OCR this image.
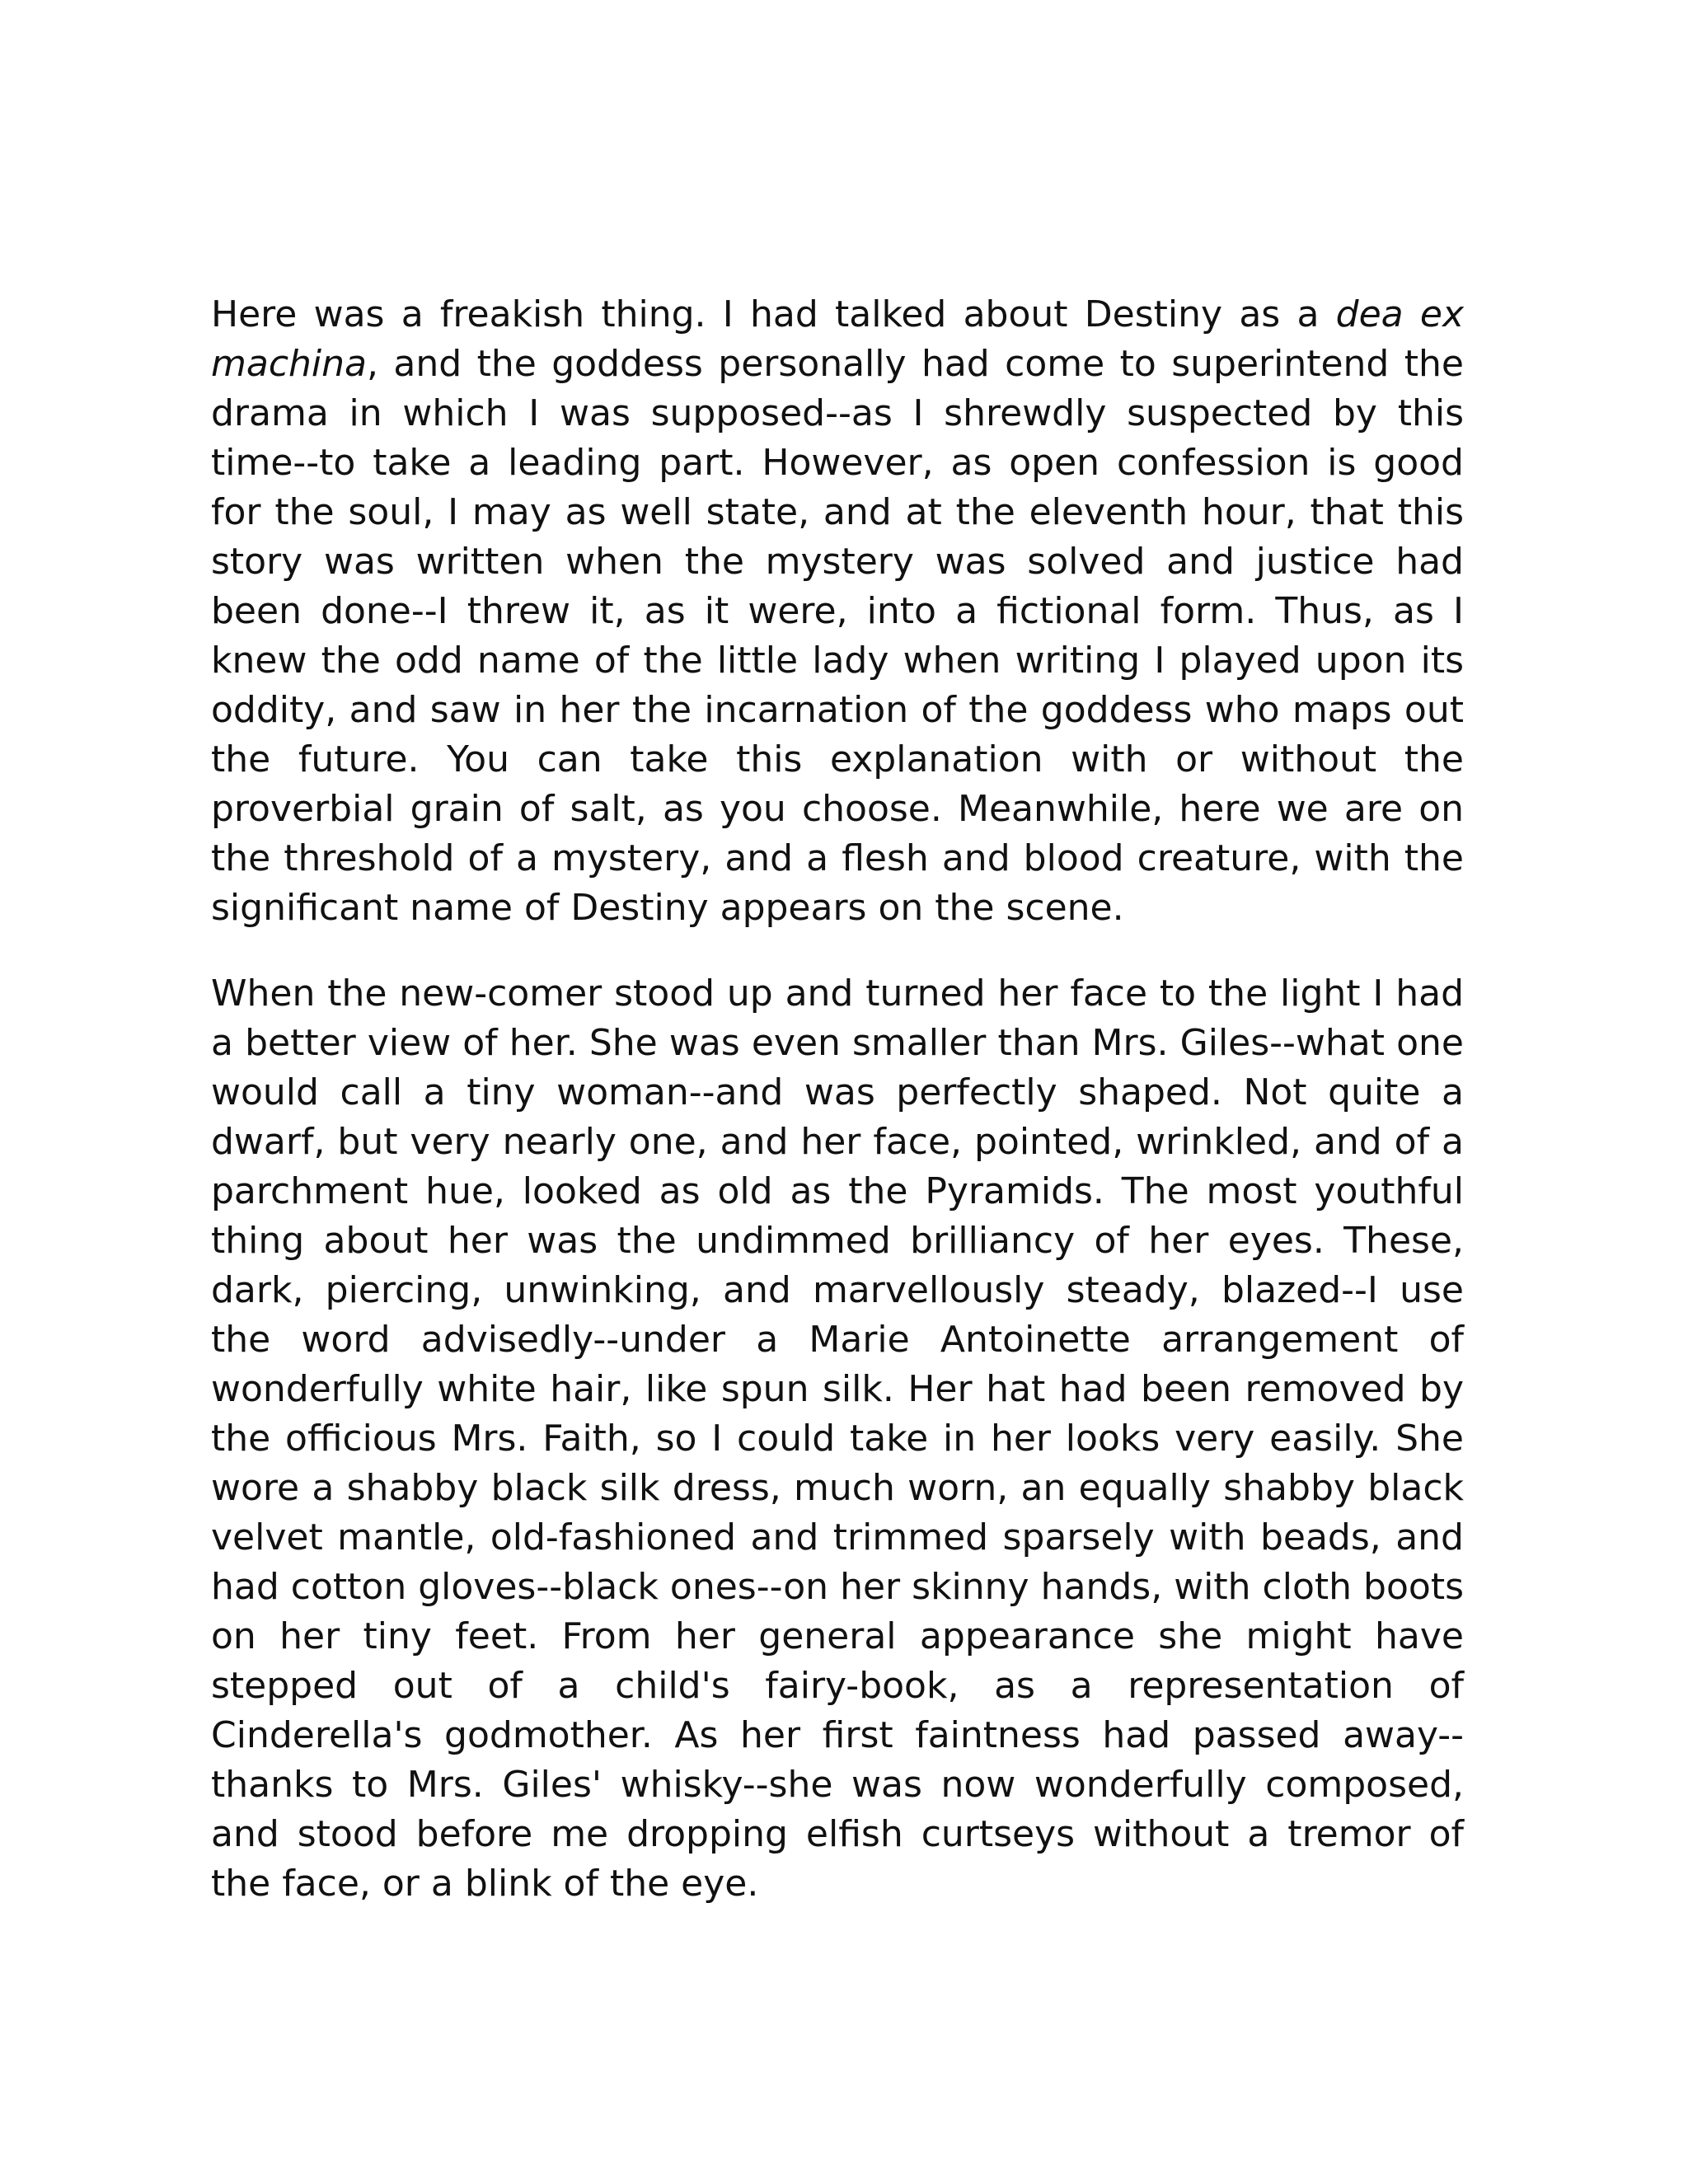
Here was a freakish thing. I had talked about Destiny as a dea ex machina, and the goddess personally had come to superintend the drama in which I was supposed--as I shrewdly suspected by this time--to take a leading part. However, as open confession is good for the soul, I may as well state, and at the eleventh hour, that this story was written when the mystery was solved and justice had been done--I threw it, as it were, into a fictional form. Thus, as I knew the odd name of the little lady when writing I played upon its oddity, and saw in her the incarnation of the goddess who maps out the future. You can take this explanation with or without the proverbial grain of salt, as you choose. Meanwhile, here we are on the threshold of a mystery, and a flesh and blood creature, with the significant name of Destiny appears on the scene.

When the new-comer stood up and turned her face to the light I had a better view of her. She was even smaller than Mrs. Giles--what one would call a tiny woman--and was perfectly shaped. Not quite a dwarf, but very nearly one, and her face, pointed, wrinkled, and of a parchment hue, looked as old as the Pyramids. The most youthful thing about her was the undimmed brilliancy of her eyes. These, dark, piercing, unwinking, and marvellously steady, blazed--I use the word advisedly--under a Marie Antoinette arrangement of wonderfully white hair, like spun silk. Her hat had been removed by the officious Mrs. Faith, so I could take in her looks very easily. She wore a shabby black silk dress, much worn, an equally shabby black velvet mantle, old-fashioned and trimmed sparsely with beads, and had cotton gloves--black ones--on her skinny hands, with cloth boots on her tiny feet. From her general appearance she might have stepped out of a child's fairy-book, as a representation of Cinderella's godmother. As her first faintness had passed away--thanks to Mrs. Giles' whisky--she was now wonderfully composed, and stood before me dropping elfish curtseys without a tremor of the face, or a blink of the eye.
